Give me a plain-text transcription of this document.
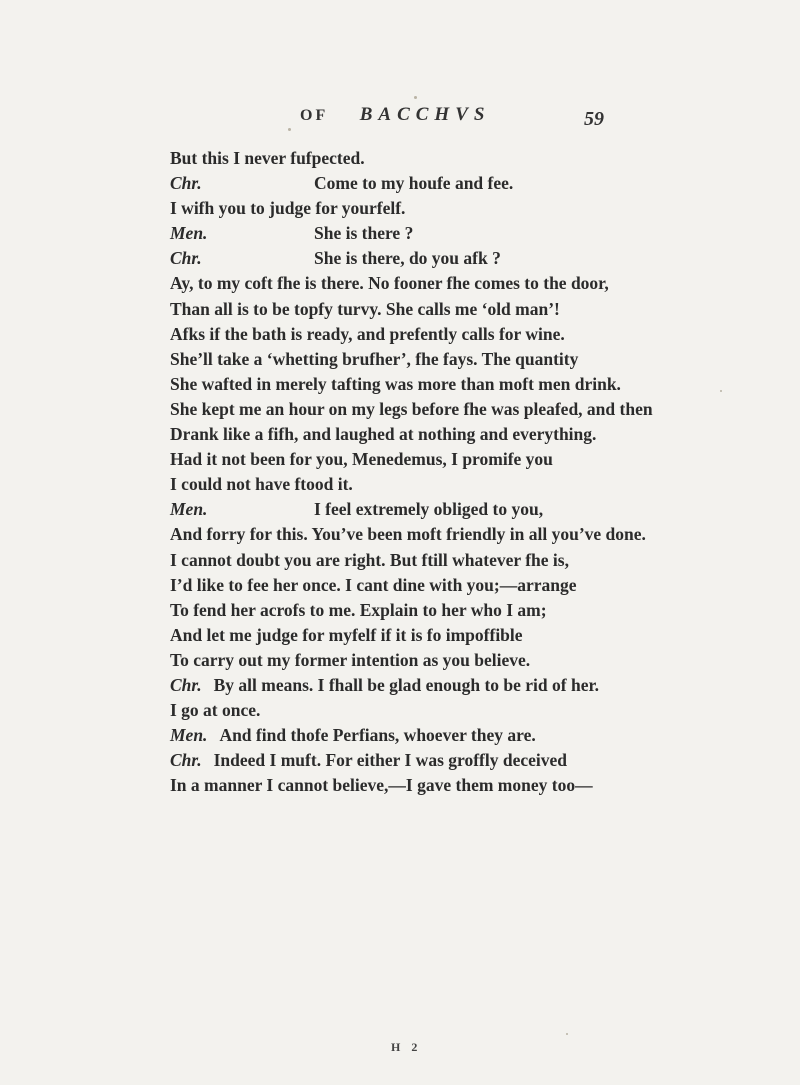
OF BACCHVS	59
But this I never fufpected.
Chr.	Come to my houfe and fee.
I wifh you to judge for yourfelf.
Men.	She is there ?
Chr.	She is there, do you afk ?
Ay, to my coft fhe is there. No fooner fhe comes to the door,
Than all is to be topfy turvy. She calls me ‘old man’!
Afks if the bath is ready, and prefently calls for wine.
She’ll take a ‘whetting brufher’, fhe fays. The quantity
She wafted in merely tafting was more than moft men drink.
She kept me an hour on my legs before fhe was pleafed, and then
Drank like a fifh, and laughed at nothing and everything.
Had it not been for you, Menedemus, I promife you
I could not have ftood it.
Men.	I feel extremely obliged to you,
And forry for this. You’ve been moft friendly in all you’ve done.
I cannot doubt you are right. But ftill whatever fhe is,
I’d like to fee her once. I cant dine with you;—arrange
To fend her acrofs to me. Explain to her who I am;
And let me judge for myfelf if it is fo impoffible
To carry out my former intention as you believe.
Chr. By all means. I fhall be glad enough to be rid of her.
I go at once.
Men. And find thofe Perfians, whoever they are.
Chr. Indeed I muft. For either I was groffly deceived
In a manner I cannot believe,—I gave them money too—
H 2
